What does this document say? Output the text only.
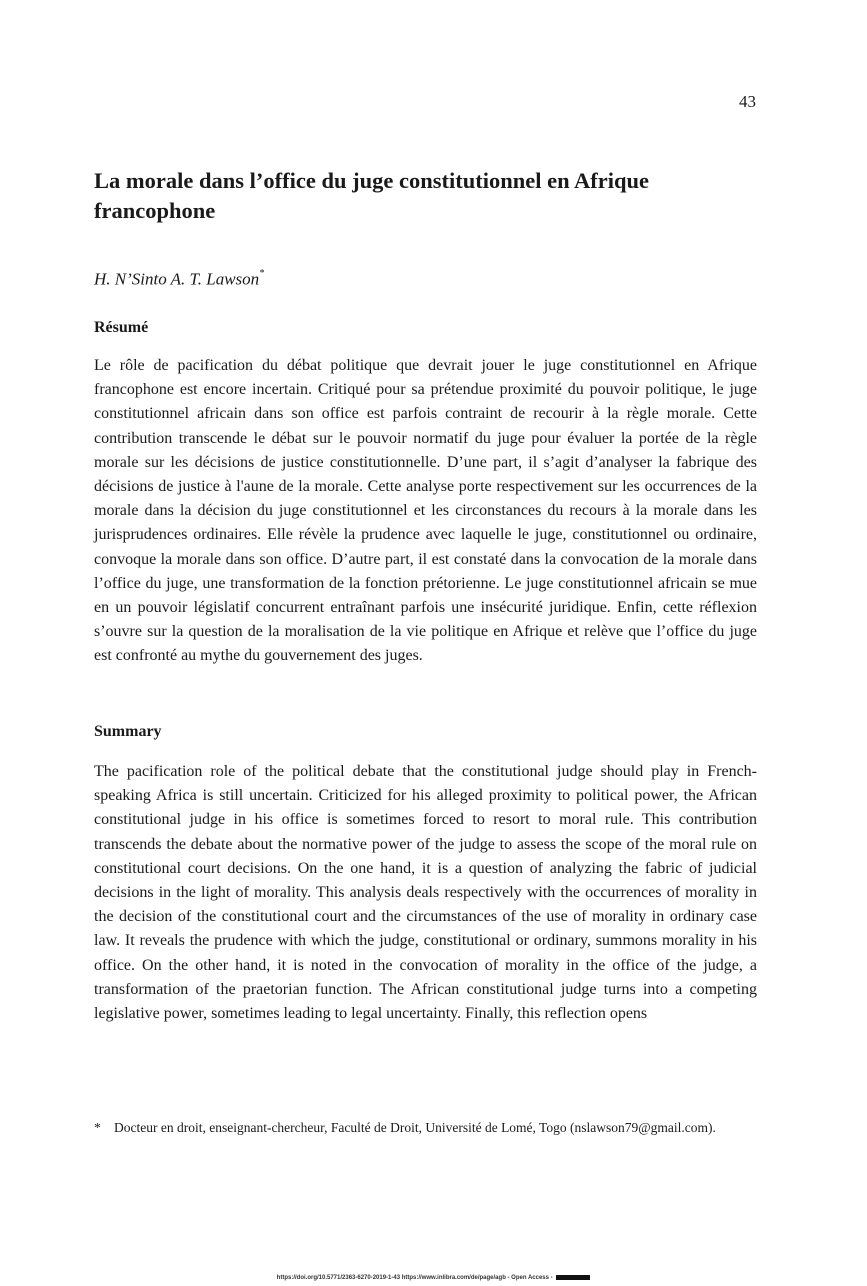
43
La morale dans l’office du juge constitutionnel en Afrique francophone
H. N’Sinto A. T. Lawson*
Résumé

Le rôle de pacification du débat politique que devrait jouer le juge constitutionnel en Afrique francophone est encore incertain. Critiqué pour sa prétendue proximité du pouvoir politique, le juge constitutionnel africain dans son office est parfois contraint de recourir à la règle morale. Cette contribution transcende le débat sur le pouvoir normatif du juge pour évaluer la portée de la règle morale sur les décisions de justice constitutionnelle. D’une part, il s’agit d’analyser la fabrique des décisions de justice à l'aune de la morale. Cette analyse porte respectivement sur les occurrences de la morale dans la décision du juge constitutionnel et les circonstances du recours à la morale dans les jurisprudences ordinaires. Elle révèle la prudence avec laquelle le juge, constitutionnel ou ordinaire, convoque la morale dans son office. D’autre part, il est constaté dans la convocation de la morale dans l’office du juge, une transformation de la fonction prétorienne. Le juge constitutionnel africain se mue en un pouvoir législatif concurrent entraînant parfois une insécurité juridique. Enfin, cette réflexion s’ouvre sur la question de la moralisation de la vie politique en Afrique et relève que l’office du juge est confronté au mythe du gouvernement des juges.

Summary

The pacification role of the political debate that the constitutional judge should play in French-speaking Africa is still uncertain. Criticized for his alleged proximity to political power, the African constitutional judge in his office is sometimes forced to resort to moral rule. This contribution transcends the debate about the normative power of the judge to assess the scope of the moral rule on constitutional court decisions. On the one hand, it is a question of analyzing the fabric of judicial decisions in the light of morality. This analysis deals respectively with the occurrences of morality in the decision of the constitutional court and the circumstances of the use of morality in ordinary case law. It reveals the prudence with which the judge, constitutional or ordinary, summons morality in his office. On the other hand, it is noted in the convocation of morality in the office of the judge, a transformation of the praetorian function. The African constitutional judge turns into a competing legislative power, sometimes leading to legal uncertainty. Finally, this reflection opens

* Docteur en droit, enseignant-chercheur, Faculté de Droit, Université de Lomé, Togo (nslawson79@gmail.com).
https://doi.org/10.5771/2363-6270-2019-1-43 https://www.inlibra.com/de/page/agb - Open Access -
